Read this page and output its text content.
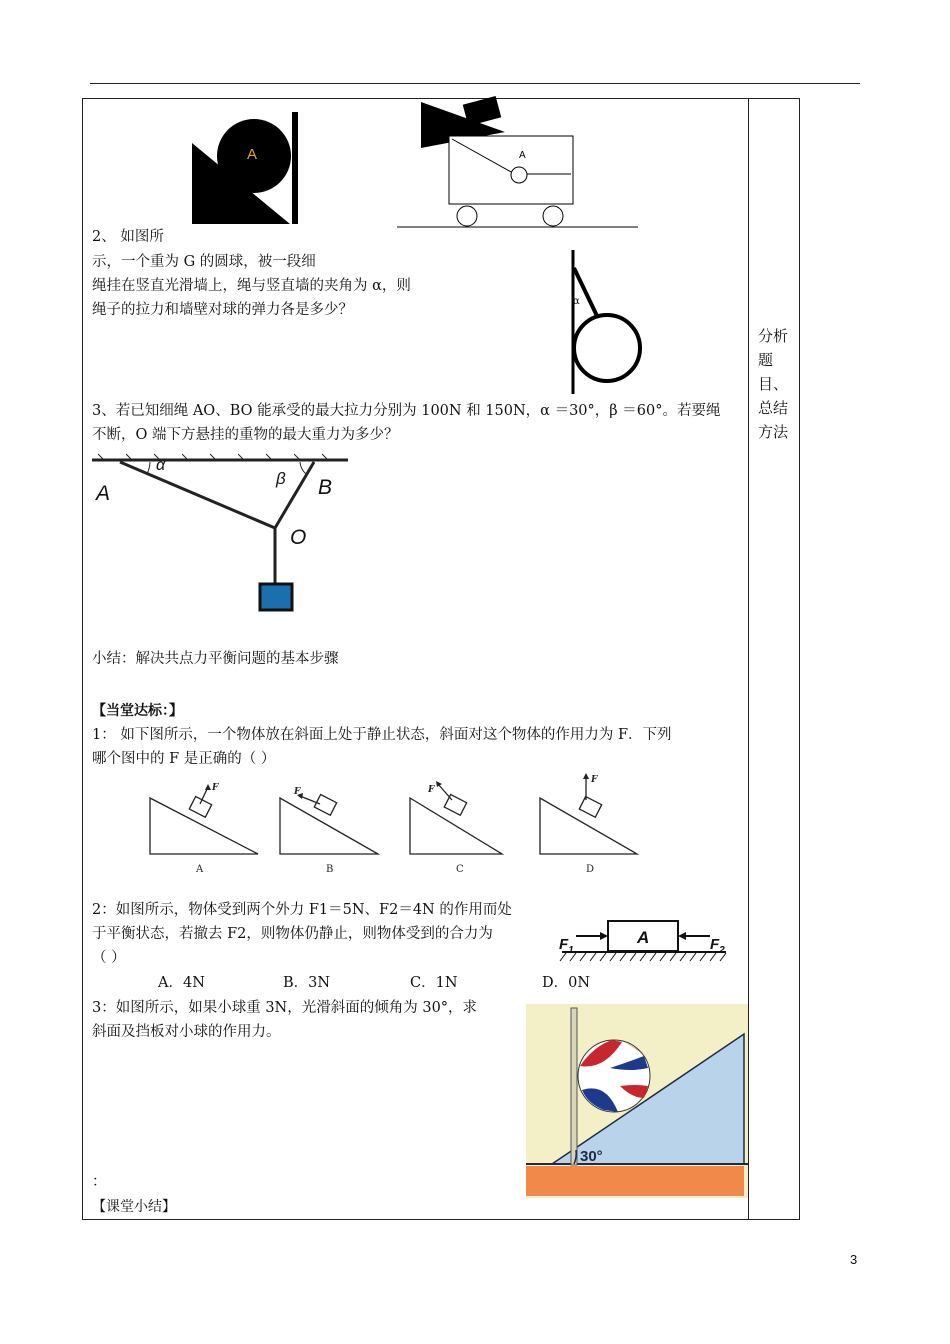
A	A
2、 如图所
示，一个重为 G 的圆球，被一段细
绳挂在竖直光滑墙上，绳与竖直墙的夹角为 α，则
绳子的拉力和墙壁对球的弹力各是多少？
α
3、若已知细绳 AO、BO 能承受的最大拉力分别为 100N 和 150N，α ＝30°，β ＝60°。若要绳
不断，O 端下方悬挂的重物的最大重力为多少？
A	B
O
α
β
小结：解决共点力平衡问题的基本步骤
【当堂达标：】
1： 如下图所示，一个物体放在斜面上处于静止状态，斜面对这个物体的作用力为 F．下列
哪个图中的 F 是正确的（ ）
F
A
F
B
F
C
F
D
2：如图所示，物体受到两个外力 F1＝5N、F2＝4N 的作用而处
于平衡状态，若撤去 F2，则物体仍静止，则物体受到的合力为
（ ）
A．4N	B．3N	C．1N	D．0N
A
$F_1$	$F_2$
3：如图所示，如果小球重 3N，光滑斜面的倾角为 30°，求
斜面及挡板对小球的作用力。
30°
：
【课堂小结】
分析
题
目、
总结
方法
3
